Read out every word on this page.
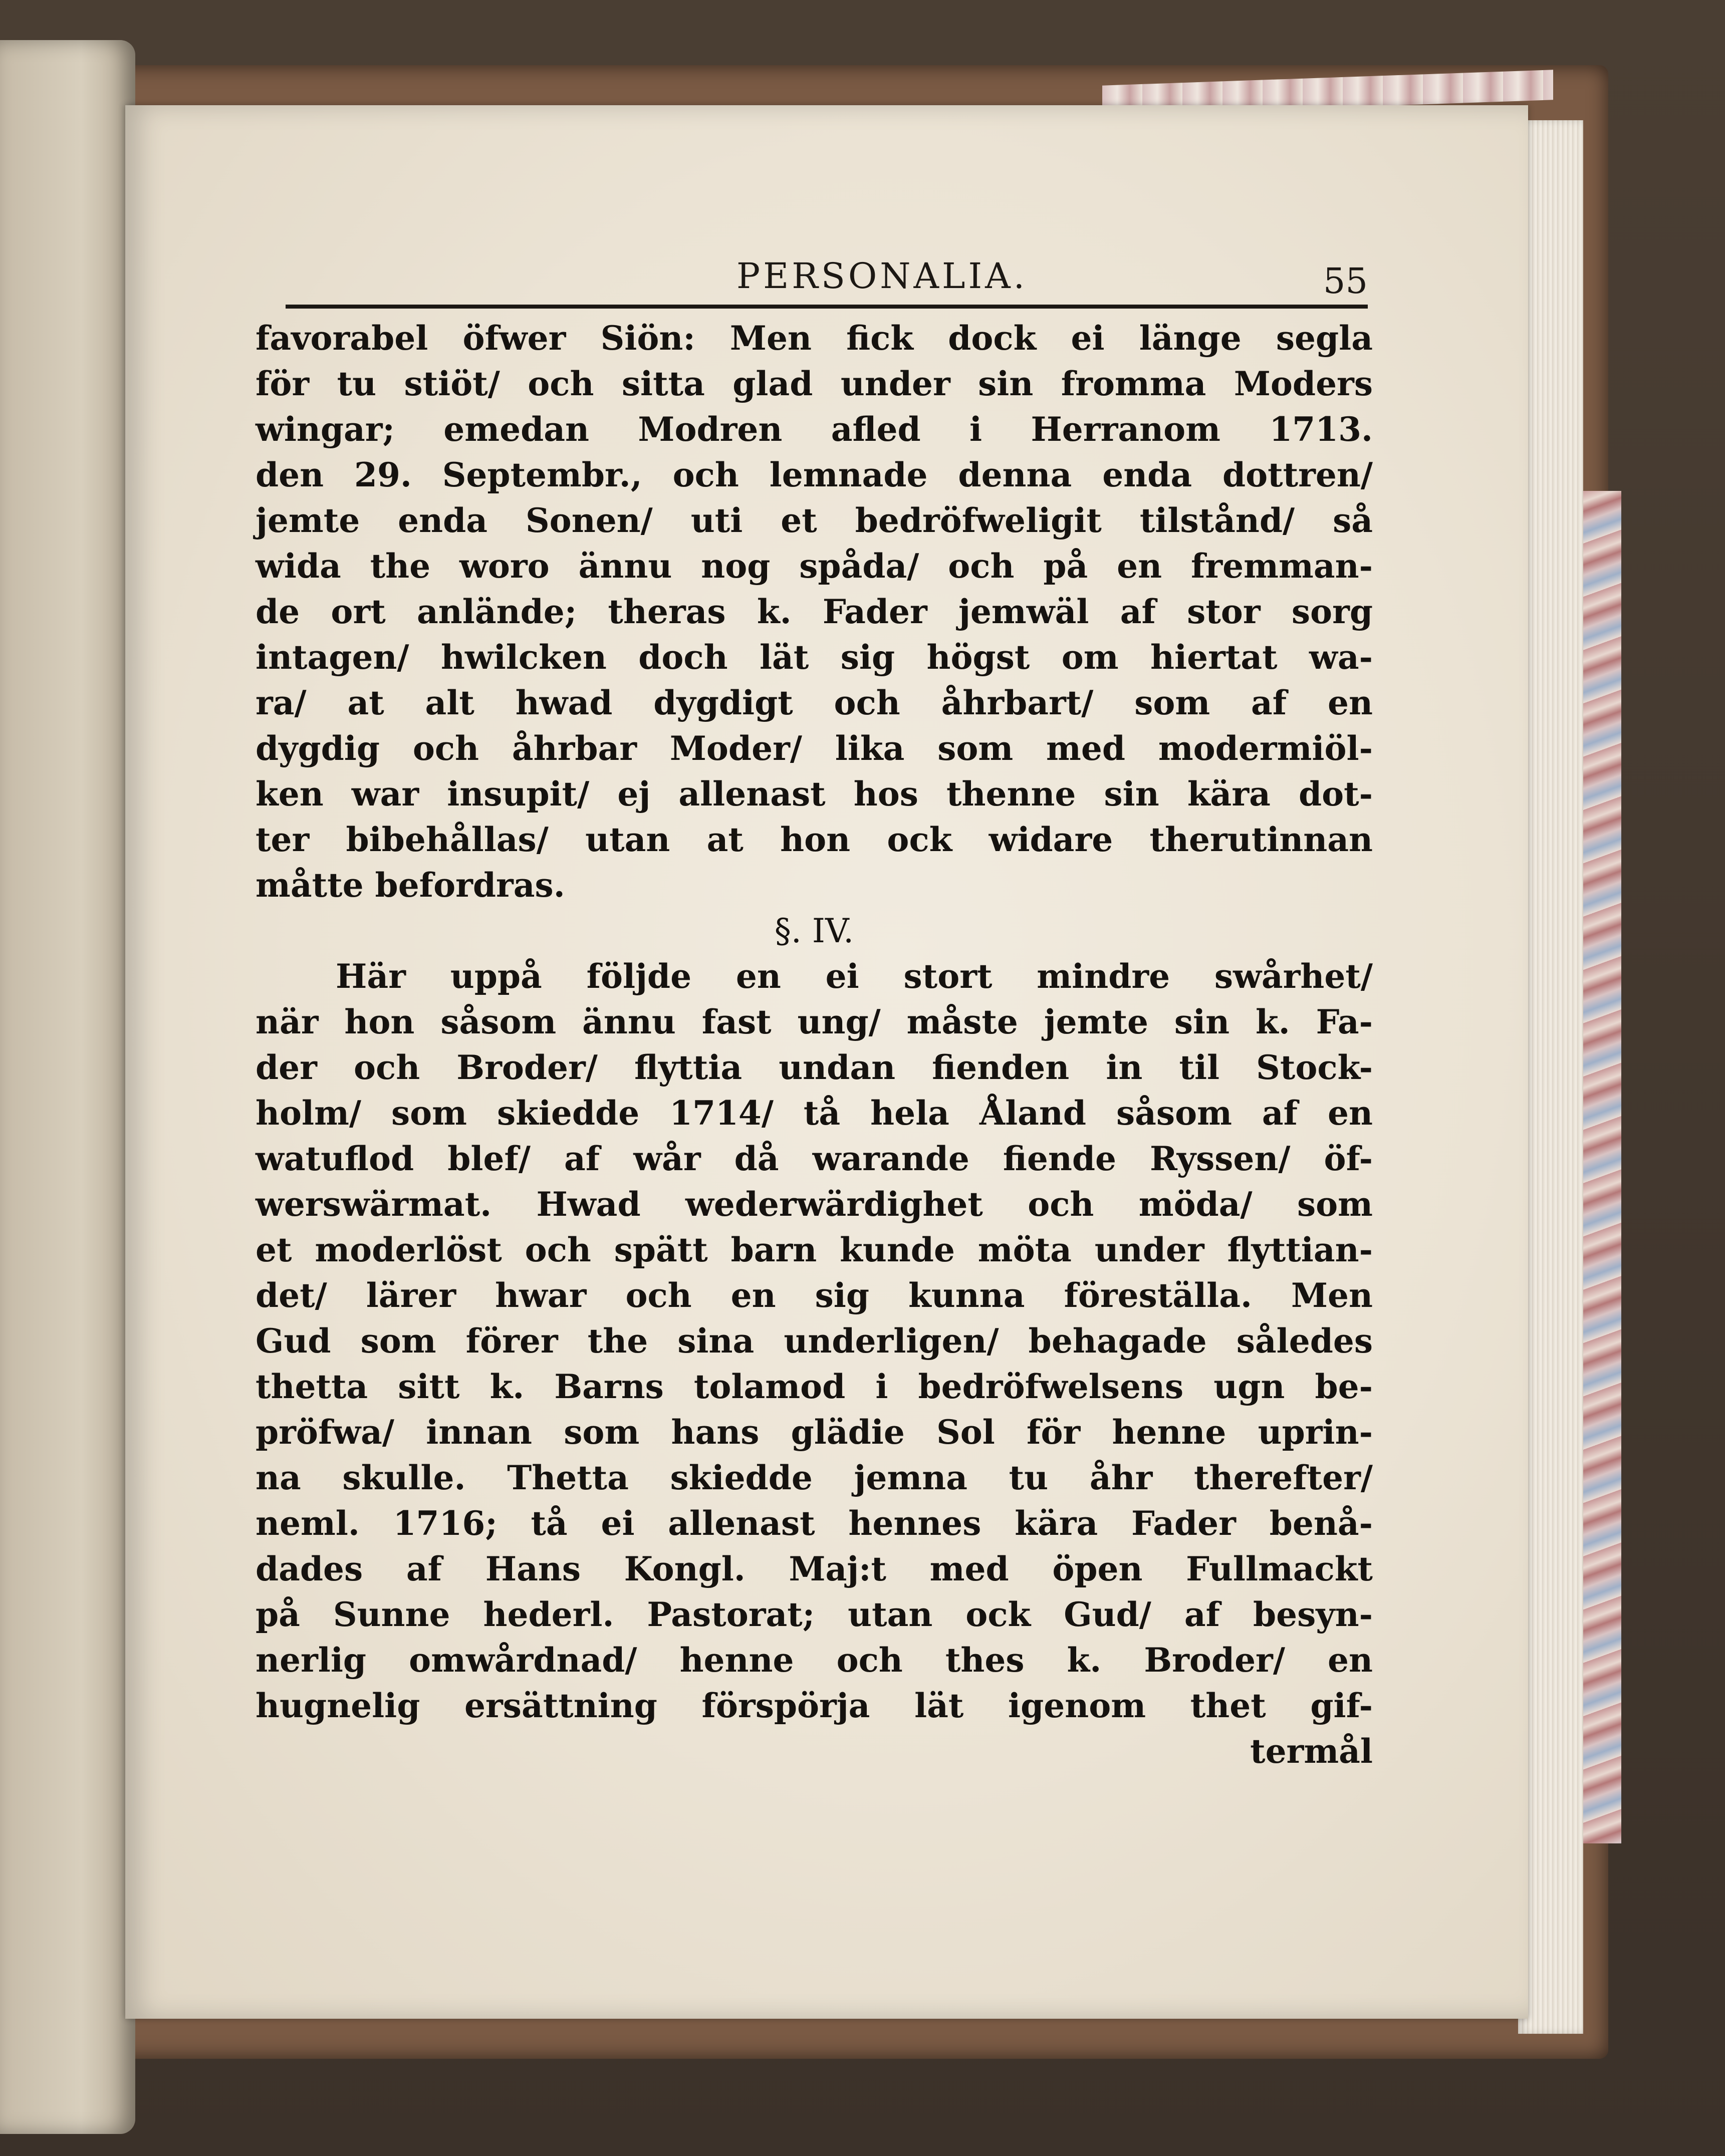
PERSONALIA.	55
favorabel öfwer Siön: Men fick dock ei länge segla
för tu stiöt/ och sitta glad under sin fromma Moders
wingar; emedan Modren afled i Herranom 1713.
den 29. Septembr., och lemnade denna enda dottren/
jemte enda Sonen/ uti et bedröfweligit tilstånd/ så
wida the woro ännu nog spåda/ och på en fremman-
de ort anlände; theras k. Fader jemwäl af stor sorg
intagen/ hwilcken doch lät sig högst om hiertat wa-
ra/ at alt hwad dygdigt och åhrbart/ som af en
dygdig och åhrbar Moder/ lika som med modermiöl-
ken war insupit/ ej allenast hos thenne sin kära dot-
ter bibehållas/ utan at hon ock widare therutinnan
måtte befordras.
§. IV.
Här uppå följde en ei stort mindre swårhet/
när hon såsom ännu fast ung/ måste jemte sin k. Fa-
der och Broder/ flyttia undan fienden in til Stock-
holm/ som skiedde 1714/ tå hela Åland såsom af en
watuflod blef/ af wår då warande fiende Ryssen/ öf-
werswärmat. Hwad wederwärdighet och möda/ som
et moderlöst och spätt barn kunde möta under flyttian-
det/ lärer hwar och en sig kunna föreställa. Men
Gud som förer the sina underligen/ behagade således
thetta sitt k. Barns tolamod i bedröfwelsens ugn be-
pröfwa/ innan som hans glädie Sol för henne uprin-
na skulle. Thetta skiedde jemna tu åhr therefter/
neml. 1716; tå ei allenast hennes kära Fader benå-
dades af Hans Kongl. Maj:t med öpen Fullmackt
på Sunne hederl. Pastorat; utan ock Gud/ af besyn-
nerlig omwårdnad/ henne och thes k. Broder/ en
hugnelig ersättning förspörja lät igenom thet gif-
termål
